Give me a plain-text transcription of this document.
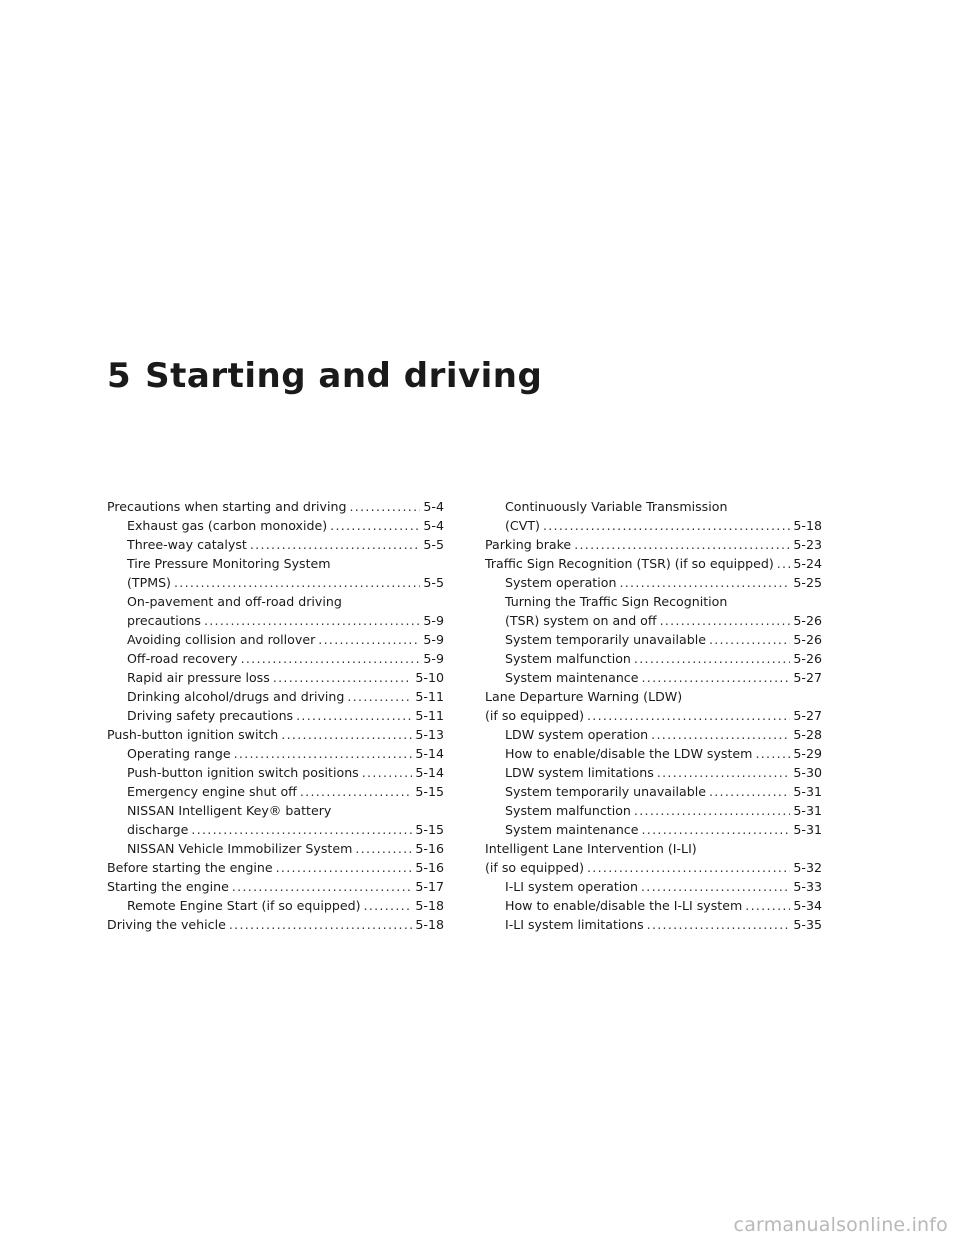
5 Starting and driving
Precautions when starting and driving .....	5-4
Exhaust gas (carbon monoxide) .....	5-4
Three-way catalyst .....	5-5
Tire Pressure Monitoring System
(TPMS) .....	5-5
On-pavement and off-road driving
precautions .....	5-9
Avoiding collision and rollover .....	5-9
Off-road recovery .....	5-9
Rapid air pressure loss .....	5-10
Drinking alcohol/drugs and driving .....	5-11
Driving safety precautions .....	5-11
Push-button ignition switch .....	5-13
Operating range .....	5-14
Push-button ignition switch positions .....	5-14
Emergency engine shut off .....	5-15
NISSAN Intelligent Key® battery
discharge .....	5-15
NISSAN Vehicle Immobilizer System .....	5-16
Before starting the engine .....	5-16
Starting the engine .....	5-17
Remote Engine Start (if so equipped) .....	5-18
Driving the vehicle .....	5-18
Continuously Variable Transmission
(CVT) .....	5-18
Parking brake .....	5-23
Traffic Sign Recognition (TSR) (if so equipped) ..... 5-24
System operation .....	5-25
Turning the Traffic Sign Recognition
(TSR) system on and off .....	5-26
System temporarily unavailable .....	5-26
System malfunction .....	5-26
System maintenance .....	5-27
Lane Departure Warning (LDW)
(if so equipped) .....	5-27
LDW system operation .....	5-28
How to enable/disable the LDW system .....	5-29
LDW system limitations .....	5-30
System temporarily unavailable .....	5-31
System malfunction .....	5-31
System maintenance .....	5-31
Intelligent Lane Intervention (I-LI)
(if so equipped) .....	5-32
I-LI system operation .....	5-33
How to enable/disable the I-LI system .....	5-34
I-LI system limitations .....	5-35
carmanualsonline.info
